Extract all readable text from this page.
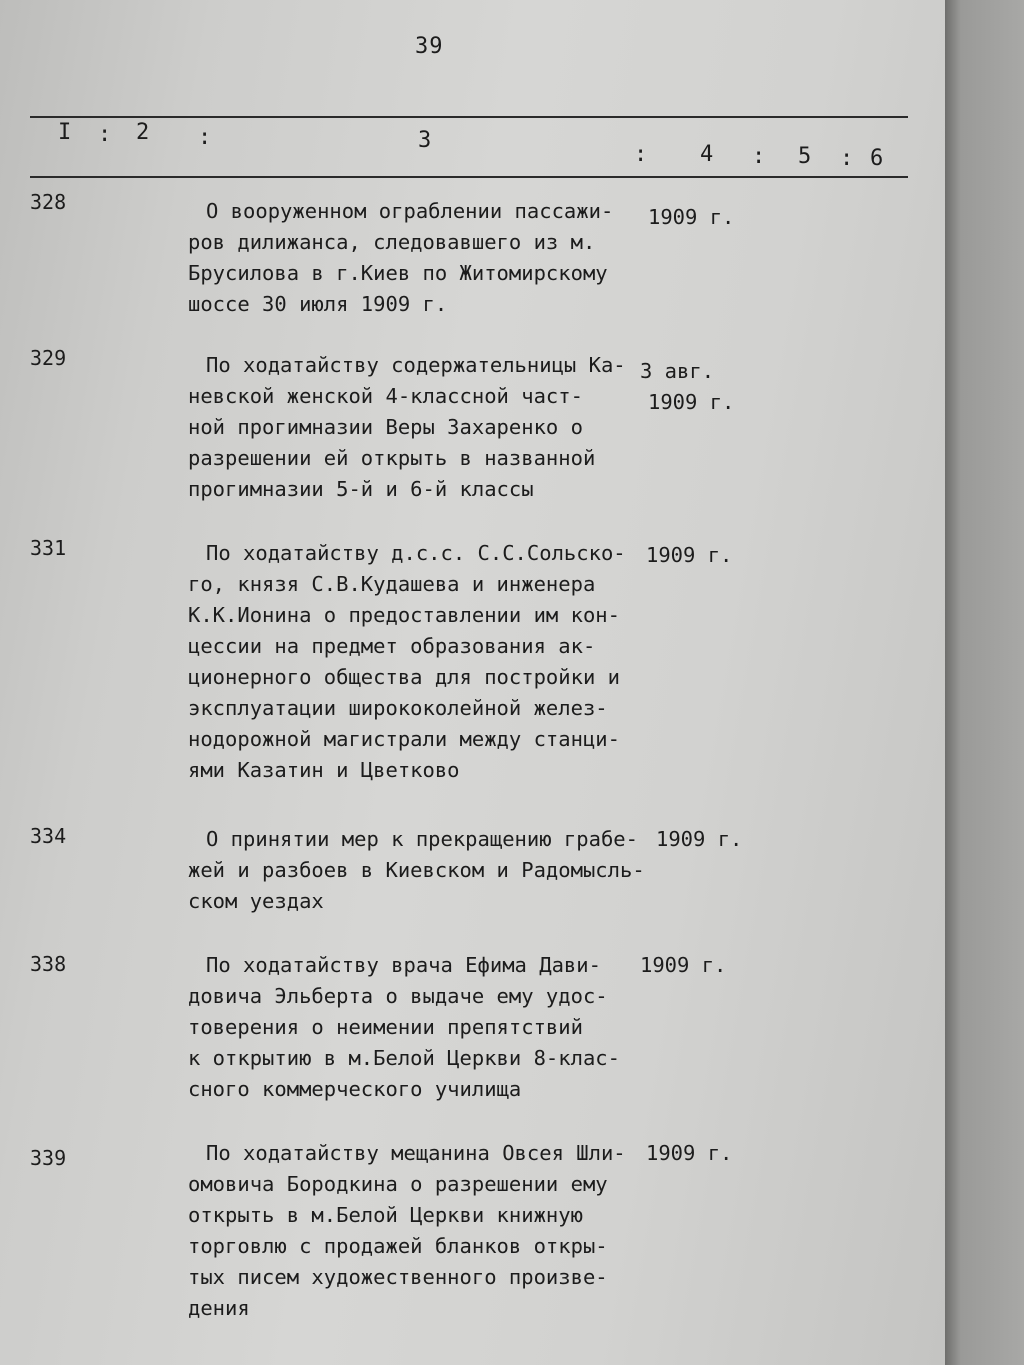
39
I : 2 :	3
: 4 : 5 : 6
328	О вооруженном ограблении пассажи-
ров дилижанса, следовавшего из м.
Брусилова в г.Киев по Житомирскому
шоссе 30 июля 1909 г.
1909 г.
329	По ходатайству содержательницы Ка-
невской женской 4-классной част-
ной прогимназии Веры Захаренко о
разрешении ей открыть в названной
прогимназии 5-й и 6-й классы
3 авг.
1909 г.
331	По ходатайству д.с.с. С.С.Сольско-
го, князя С.В.Кудашева и инженера
К.К.Ионина о предоставлении им кон-
цессии на предмет образования ак-
ционерного общества для постройки и
эксплуатации ширококолейной желез-
нодорожной магистрали между станци-
ями Казатин и Цветково
1909 г.
334	О принятии мер к прекращению грабе-
жей и разбоев в Киевском и Радомысль-
ском уездах
1909 г.
338	По ходатайству врача Ефима Дави-
довича Эльберта о выдаче ему удос-
товерения о неимении препятствий
к открытию в м.Белой Церкви 8-клас-
сного коммерческого училища
1909 г.
339	По ходатайству мещанина Овсея Шли-
омовича Бородкина о разрешении ему
открыть в м.Белой Церкви книжную
торговлю с продажей бланков откры-
тых писем художественного произве-
дения
1909 г.
